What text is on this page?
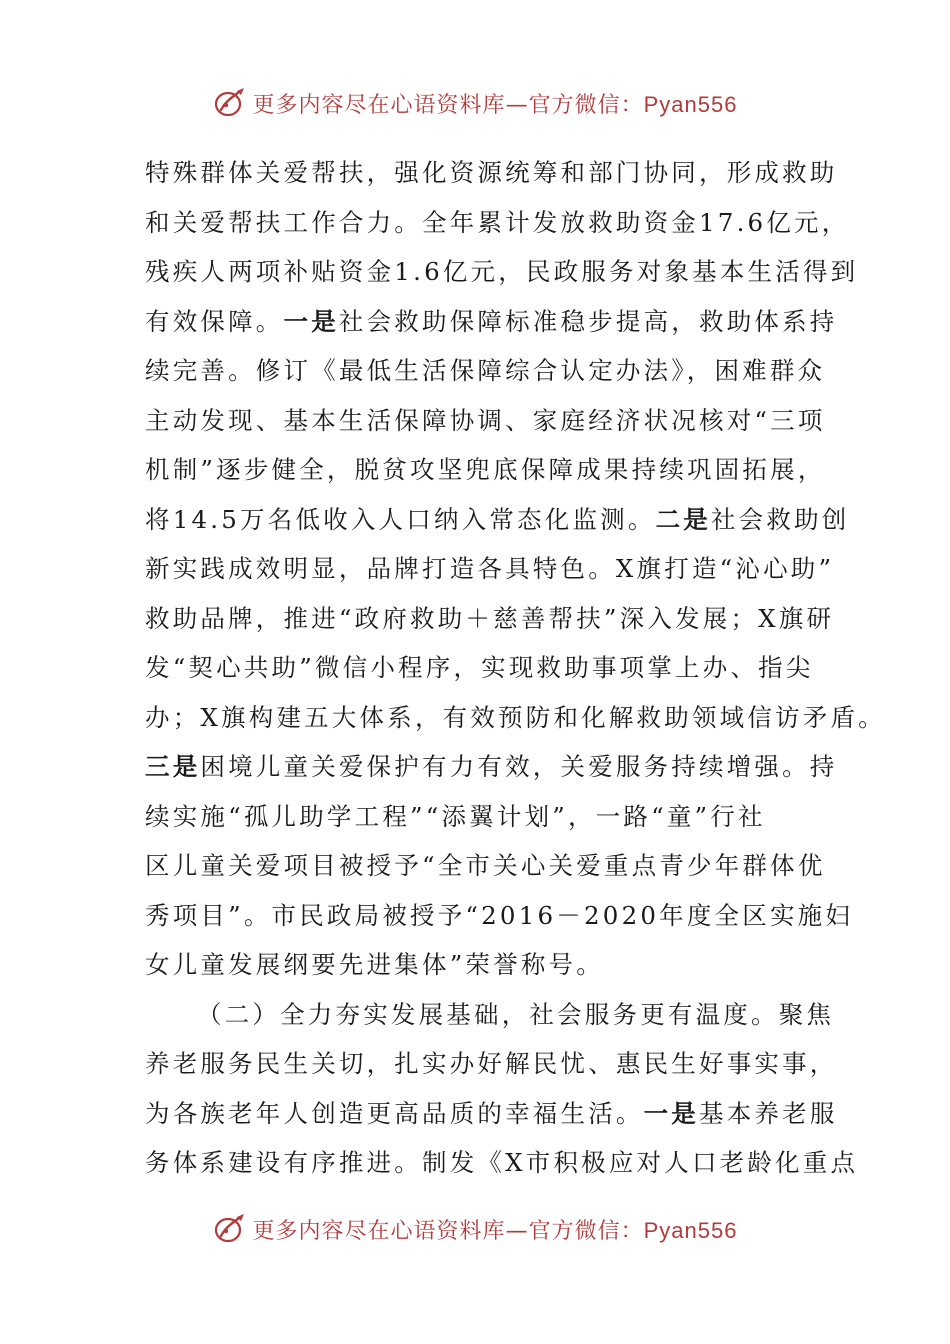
更多内容尽在心语资料库—官方微信：Pyan556
特殊群体关爱帮扶，强化资源统筹和部门协同，形成救助
和关爱帮扶工作合力。全年累计发放救助资金17.6亿元，
残疾人两项补贴资金1.6亿元，民政服务对象基本生活得到
有效保障。一是社会救助保障标准稳步提高，救助体系持
续完善。修订《最低生活保障综合认定办法》，困难群众
主动发现、基本生活保障协调、家庭经济状况核对“三项
机制”逐步健全，脱贫攻坚兜底保障成果持续巩固拓展，
将14.5万名低收入人口纳入常态化监测。二是社会救助创
新实践成效明显，品牌打造各具特色。X旗打造“沁心助”
救助品牌，推进“政府救助＋慈善帮扶”深入发展；X旗研
发“契心共助”微信小程序，实现救助事项掌上办、指尖
办；X旗构建五大体系，有效预防和化解救助领域信访矛盾。
三是困境儿童关爱保护有力有效，关爱服务持续增强。持
续实施“孤儿助学工程”“添翼计划”，一路“童”行社
区儿童关爱项目被授予“全市关心关爱重点青少年群体优
秀项目”。市民政局被授予“2016－2020年度全区实施妇
女儿童发展纲要先进集体”荣誉称号。
（二）全力夯实发展基础，社会服务更有温度。聚焦
养老服务民生关切，扎实办好解民忧、惠民生好事实事，
为各族老年人创造更高品质的幸福生活。一是基本养老服
务体系建设有序推进。制发《X市积极应对人口老龄化重点
更多内容尽在心语资料库—官方微信：Pyan556
